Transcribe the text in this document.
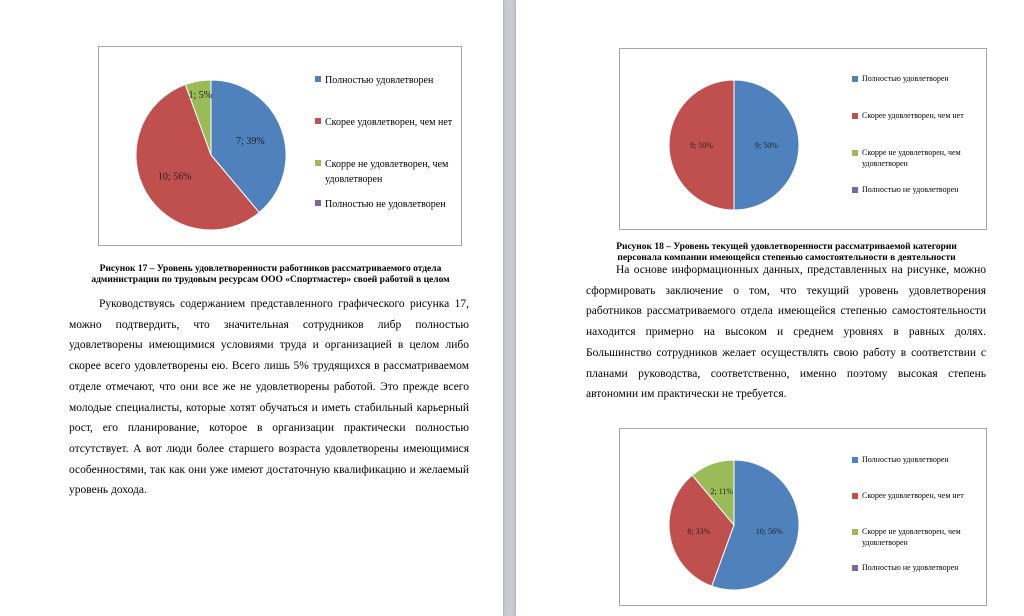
7; 39%
10; 56%
1; 5%
Полностью удовлетворен
Скорее удовлетворен, чем нет
Скорре не удовлетворен, чем удовлетворен
Полностью не удовлетворен
Рисунок 17 – Уровень удовлетворенности работников рассматриваемого отдела администрации по трудовым ресурсам ООО «Спортмастер» своей работой в целом

Руководствуясь содержанием представленного графического рисунка 17, можно подтвердить, что значительная сотрудников либр полностью удовлетворены имеющимися условиями труда и организацией в целом либо скорее всего удовлетворены ею. Всего лишь 5% трудящихся в рассматриваемом отделе отмечают, что они все же не удовлетворены работой. Это прежде всего молодые специалисты, которые хотят обучаться и иметь стабильный карьерный рост, его планирование, которое в организации практически полностью отсутствует. А вот люди более старшего возраста удовлетворены имеющимися особенностями, так как они уже имеют достаточную квалификацию и желаемый уровень дохода.

9; 50%
9; 50%
Полностью удовлетворен
Скорее удовлетворен, чем нет
Скорре не удовлетворен, чем удовлетворен
Полностью не удовлетворен
Рисунок 18 – Уровень текущей удовлетворенности рассматриваемой категории персонала компании имеющейся степенью самостоятельности в деятельности

На основе информационных данных, представленных на рисунке, можно сформировать заключение о том, что текущий уровень удовлетворения работников рассматриваемого отдела имеющейся степенью самостоятельности находится примерно на высоком и среднем уровнях в равных долях. Большинство сотрудников желает осуществлять свою работу в соответствии с планами руководства, соответственно, именно поэтому высокая степень автономии им практически не требуется.

10; 56%
6; 33%
2; 11%
Полностью удовлетворен
Скорее удовлетворен, чем нет
Скорре не удовлетворен, чем удовлетворен
Полностью не удовлетворен
